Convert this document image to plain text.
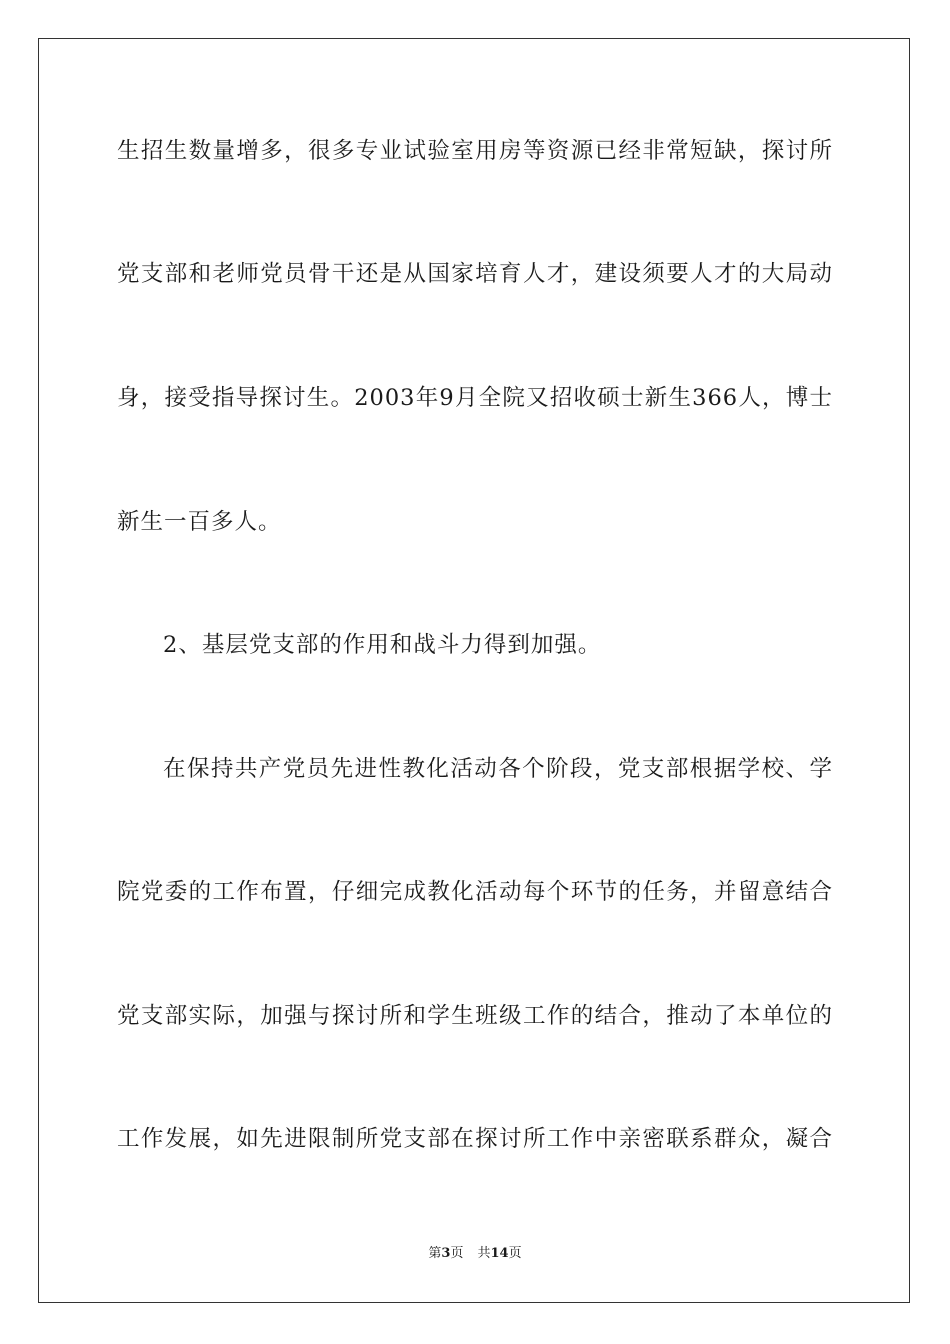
生招生数量增多，很多专业试验室用房等资源已经非常短缺，探讨所
党支部和老师党员骨干还是从国家培育人才，建设须要人才的大局动
身，接受指导探讨生。2003年9月全院又招收硕士新生366人，博士
新生一百多人。
2、基层党支部的作用和战斗力得到加强。
在保持共产党员先进性教化活动各个阶段，党支部根据学校、学
院党委的工作布置，仔细完成教化活动每个环节的任务，并留意结合
党支部实际，加强与探讨所和学生班级工作的结合，推动了本单位的
工作发展，如先进限制所党支部在探讨所工作中亲密联系群众，凝合
第3页 共14页
